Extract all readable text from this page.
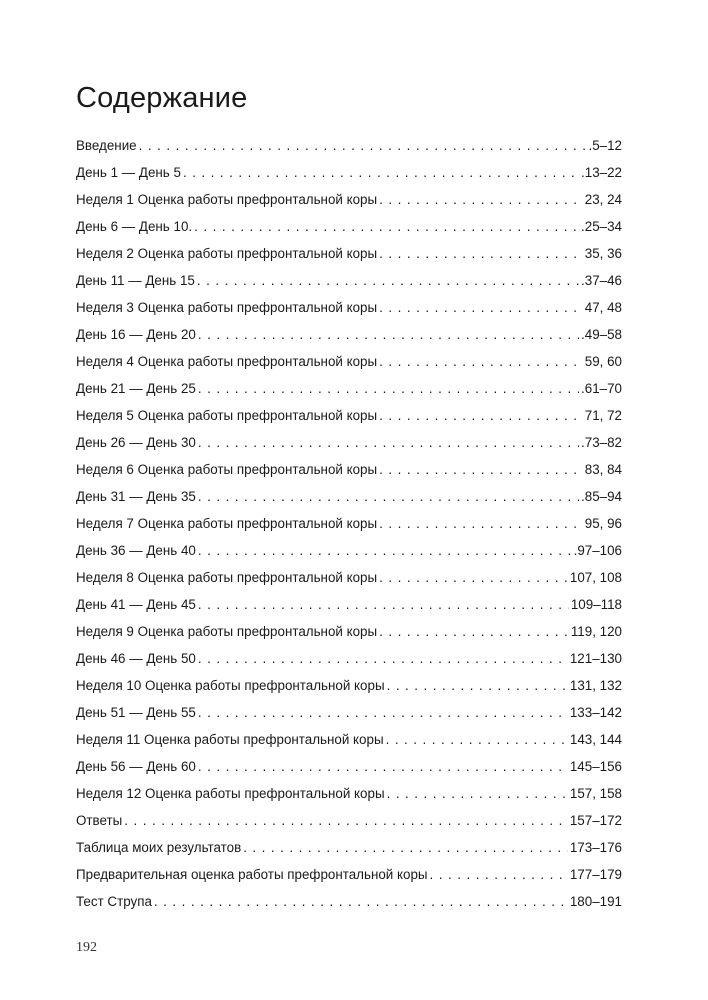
Содержание
Введение . . .	.5–12
День 1 — День 5 . . .	.13–22
Неделя 1 Оценка работы префронтальной коры . . .	23, 24
День 6 — День 10. . . .	.25–34
Неделя 2 Оценка работы префронтальной коры . . .	35, 36
День 11 — День 15 . . .	.37–46
Неделя 3 Оценка работы префронтальной коры . . .	47, 48
День 16 — День 20 . . .	.49–58
Неделя 4 Оценка работы префронтальной коры . . .	59, 60
День 21 — День 25 . . .	.61–70
Неделя 5 Оценка работы префронтальной коры . . .	71, 72
День 26 — День 30 . . .	.73–82
Неделя 6 Оценка работы префронтальной коры . . .	83, 84
День 31 — День 35 . . .	.85–94
Неделя 7 Оценка работы префронтальной коры . . .	95, 96
День 36 — День 40 . . .	.97–106
Неделя 8 Оценка работы префронтальной коры . . .	107, 108
День 41 — День 45 . . .	109–118
Неделя 9 Оценка работы префронтальной коры . . .	119, 120
День 46 — День 50 . . .	121–130
Неделя 10 Оценка работы префронтальной коры . . .	131, 132
День 51 — День 55 . . .	133–142
Неделя 11 Оценка работы префронтальной коры . . .	143, 144
День 56 — День 60 . . .	145–156
Неделя 12 Оценка работы префронтальной коры . . .	157, 158
Ответы . . .	157–172
Таблица моих результатов . . .	173–176
Предварительная оценка работы префронтальной коры . . .	177–179
Тест Струпа . . .	180–191
192
